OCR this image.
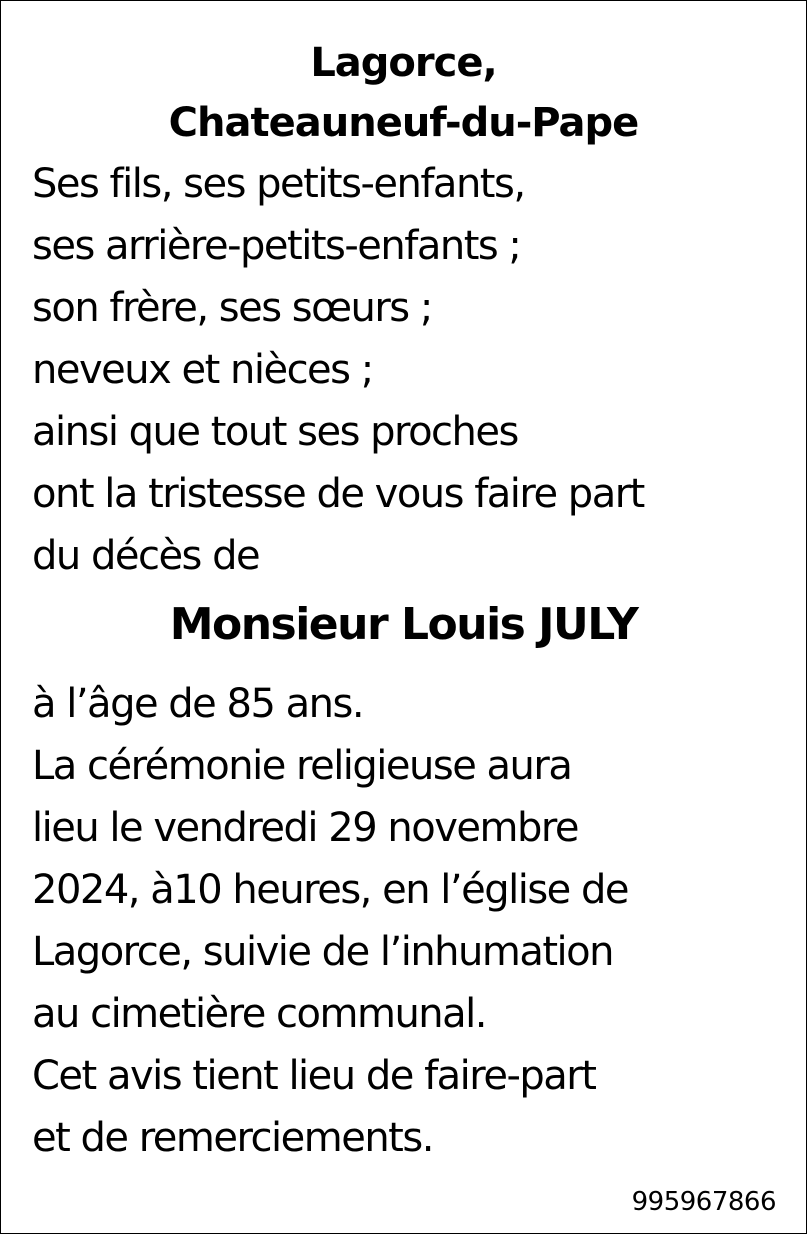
Lagorce,
Chateauneuf-du-Pape
Ses fils, ses petits-enfants,
ses arrière-petits-enfants ;
son frère, ses sœurs ;
neveux et nièces ;
ainsi que tout ses proches
ont la tristesse de vous faire part
du décès de
Monsieur Louis JULY
à l’âge de 85 ans.
La cérémonie religieuse aura
lieu le vendredi 29 novembre
2024, à10 heures, en l’église de
Lagorce, suivie de l’inhumation
au cimetière communal.
Cet avis tient lieu de faire-part
et de remerciements.
995967866
